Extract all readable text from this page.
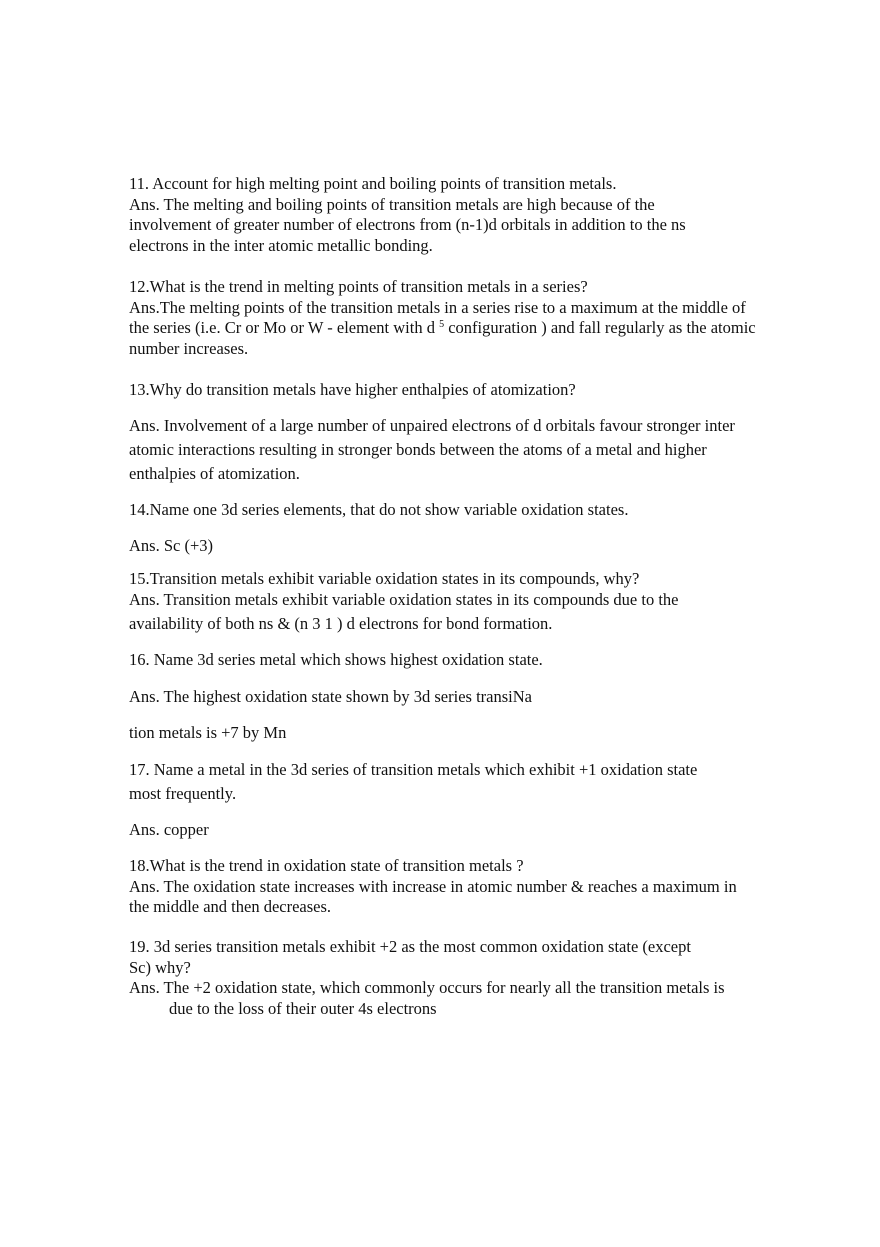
11. Account for high melting point and boiling points of transition metals.
Ans. The melting and boiling points of transition metals are high because of the
involvement of greater number of electrons from (n-1)d orbitals in addition to the ns
electrons in the inter atomic metallic bonding.
12.What is the trend in melting points of transition metals in a series?
Ans.The melting points of the transition metals in a series rise to a maximum at the middle of
the series (i.e. Cr or Mo or W - element with d $^5$ configuration ) and fall regularly as the atomic
number increases.
13.Why do transition metals have higher enthalpies of atomization?
Ans. Involvement of a large number of unpaired electrons of d orbitals favour stronger inter
atomic interactions resulting in stronger bonds between the atoms of a metal and higher
enthalpies of atomization.
14.Name one 3d series elements, that do not show variable oxidation states.
Ans. Sc (+3)
15.Transition metals exhibit variable oxidation states in its compounds, why?
Ans. Transition metals exhibit variable oxidation states in its compounds due to the
availability of both ns & (n 3 1 ) d electrons for bond formation.
16. Name 3d series metal which shows highest oxidation state.
Ans. The highest oxidation state shown by 3d series transiNa
tion metals is +7 by Mn
17. Name a metal in the 3d series of transition metals which exhibit +1 oxidation state
most frequently.
Ans. copper
18.What is the trend in oxidation state of transition metals ?
Ans. The oxidation state increases with increase in atomic number & reaches a maximum in
the middle and then decreases.
19. 3d series transition metals exhibit +2 as the most common oxidation state (except
Sc) why?
Ans. The +2 oxidation state, which commonly occurs for nearly all the transition metals is
due to the loss of their outer 4s electrons
